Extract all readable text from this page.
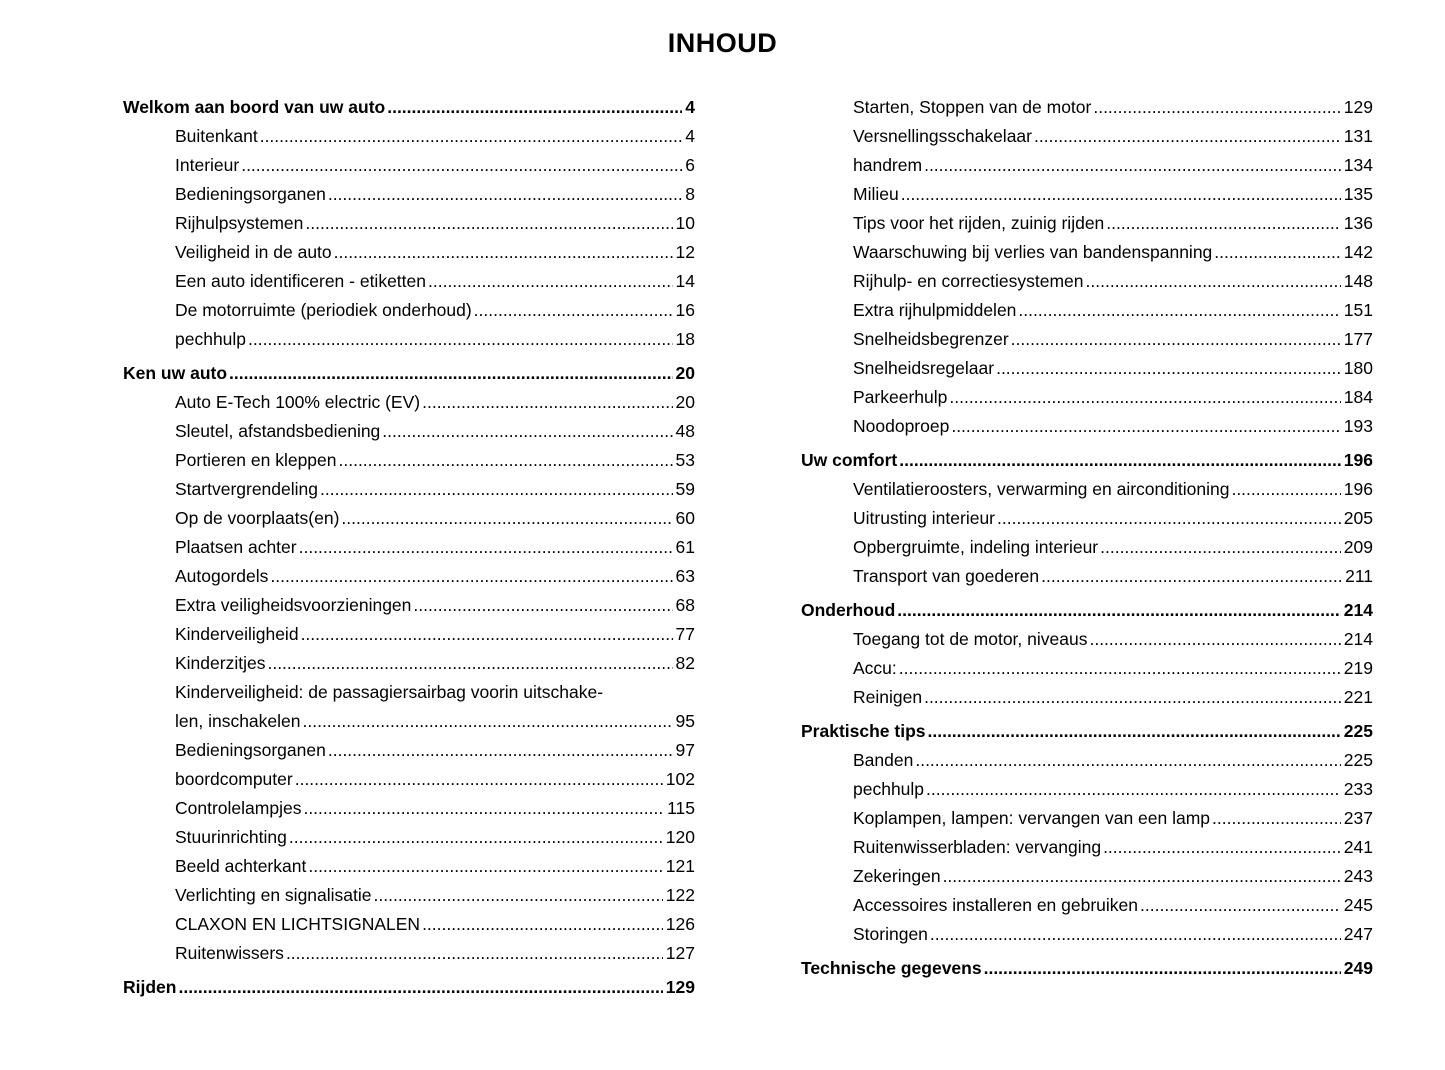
INHOUD
Welkom aan boord van uw auto .....	4
Buitenkant .....	4
Interieur .....	6
Bedieningsorganen .....	8
Rijhulpsystemen .....	10
Veiligheid in de auto .....	12
Een auto identificeren - etiketten .....	14
De motorruimte (periodiek onderhoud) .....	16
pechhulp .....	18
Ken uw auto .....	20
Auto E-Tech 100% electric (EV) .....	20
Sleutel, afstandsbediening .....	48
Portieren en kleppen .....	53
Startvergrendeling .....	59
Op de voorplaats(en) .....	60
Plaatsen achter .....	61
Autogordels .....	63
Extra veiligheidsvoorzieningen .....	68
Kinderveiligheid .....	77
Kinderzitjes .....	82
Kinderveiligheid: de passagiersairbag voorin uitschake-
len, inschakelen .....	95
Bedieningsorganen .....	97
boordcomputer .....	102
Controlelampjes .....	115
Stuurinrichting .....	120
Beeld achterkant .....	121
Verlichting en signalisatie .....	122
CLAXON EN LICHTSIGNALEN .....	126
Ruitenwissers .....	127
Rijden .....	129
Starten, Stoppen van de motor .....	129
Versnellingsschakelaar .....	131
handrem .....	134
Milieu .....	135
Tips voor het rijden, zuinig rijden .....	136
Waarschuwing bij verlies van bandenspanning .....	142
Rijhulp- en correctiesystemen .....	148
Extra rijhulpmiddelen .....	151
Snelheidsbegrenzer .....	177
Snelheidsregelaar .....	180
Parkeerhulp .....	184
Noodoproep .....	193
Uw comfort .....	196
Ventilatieroosters, verwarming en airconditioning .....	196
Uitrusting interieur .....	205
Opbergruimte, indeling interieur .....	209
Transport van goederen .....	211
Onderhoud .....	214
Toegang tot de motor, niveaus .....	214
Accu: .....	219
Reinigen .....	221
Praktische tips .....	225
Banden .....	225
pechhulp .....	233
Koplampen, lampen: vervangen van een lamp .....	237
Ruitenwisserbladen: vervanging .....	241
Zekeringen .....	243
Accessoires installeren en gebruiken .....	245
Storingen .....	247
Technische gegevens .....	249
